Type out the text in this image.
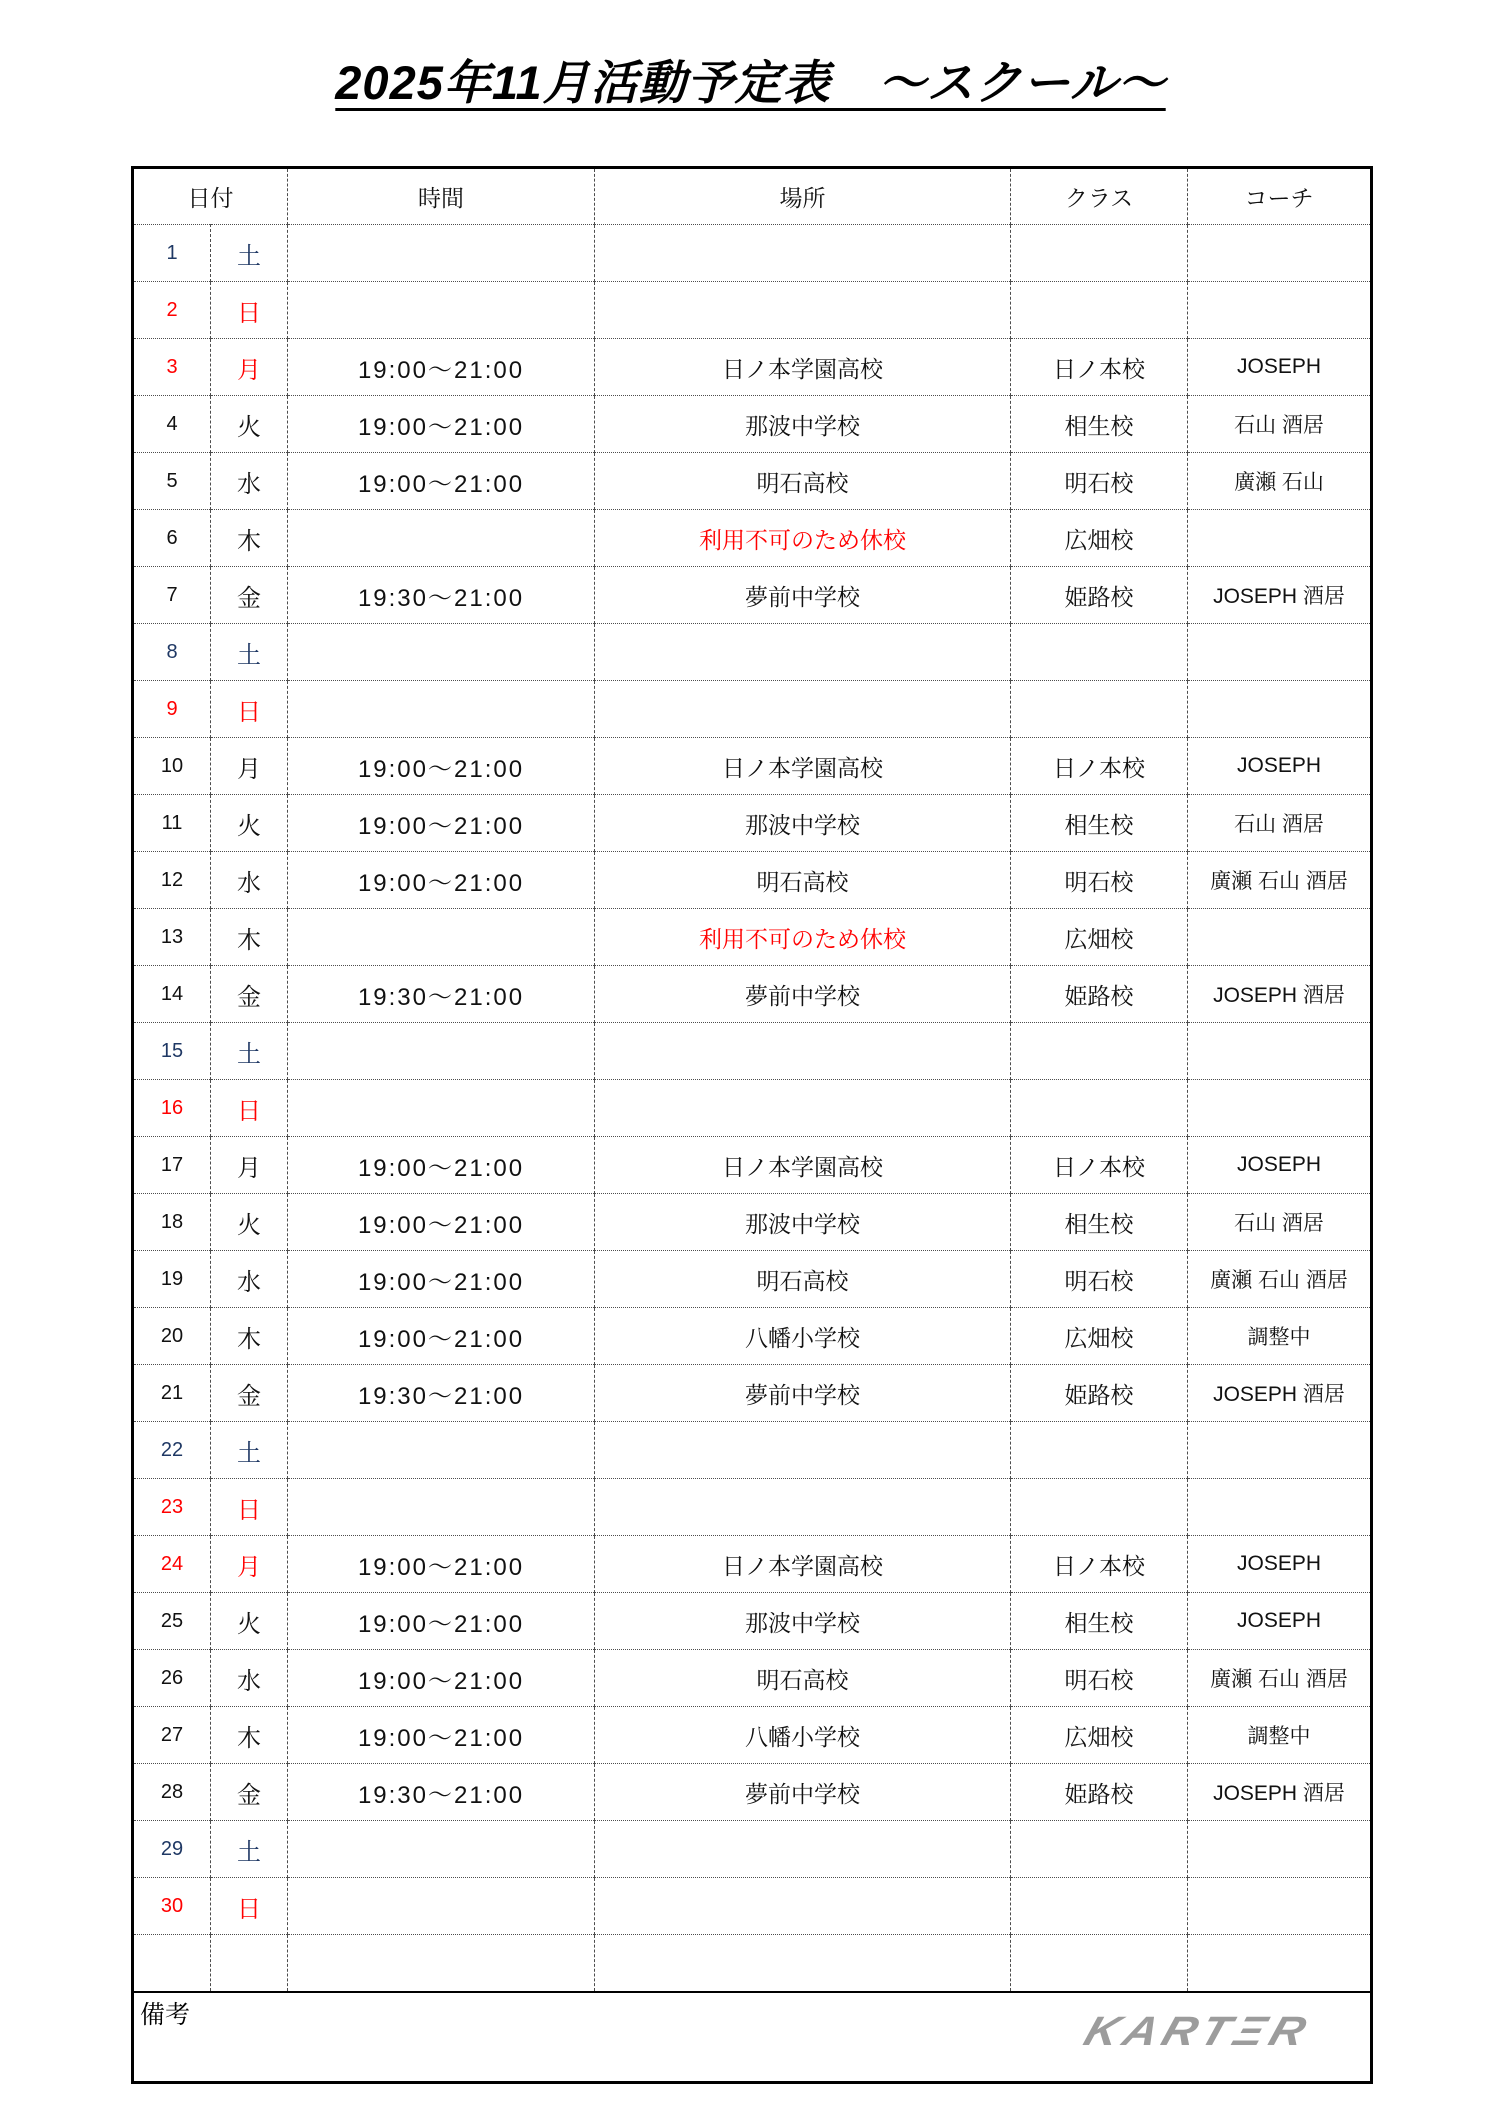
2025年11月活動予定表　～スクール～
日付		時間	場所	クラス	コーチ
1	土				
2	日				
3	月	19:00～21:00	日ノ本学園高校	日ノ本校	JOSEPH
4	火	19:00～21:00	那波中学校	相生校	石山 酒居
5	水	19:00～21:00	明石高校	明石校	廣瀬 石山
6	木		利用不可のため休校	広畑校	
7	金	19:30～21:00	夢前中学校	姫路校	JOSEPH 酒居
8	土				
9	日				
10	月	19:00～21:00	日ノ本学園高校	日ノ本校	JOSEPH
11	火	19:00～21:00	那波中学校	相生校	石山 酒居
12	水	19:00～21:00	明石高校	明石校	廣瀬 石山 酒居
13	木		利用不可のため休校	広畑校	
14	金	19:30～21:00	夢前中学校	姫路校	JOSEPH 酒居
15	土				
16	日				
17	月	19:00～21:00	日ノ本学園高校	日ノ本校	JOSEPH
18	火	19:00～21:00	那波中学校	相生校	石山 酒居
19	水	19:00～21:00	明石高校	明石校	廣瀬 石山 酒居
20	木	19:00～21:00	八幡小学校	広畑校	調整中
21	金	19:30～21:00	夢前中学校	姫路校	JOSEPH 酒居
22	土				
23	日				
24	月	19:00～21:00	日ノ本学園高校	日ノ本校	JOSEPH
25	火	19:00～21:00	那波中学校	相生校	JOSEPH
26	水	19:00～21:00	明石高校	明石校	廣瀬 石山 酒居
27	木	19:00～21:00	八幡小学校	広畑校	調整中
28	金	19:30～21:00	夢前中学校	姫路校	JOSEPH 酒居
29	土				
30	日				

備考 KARTΞR					
